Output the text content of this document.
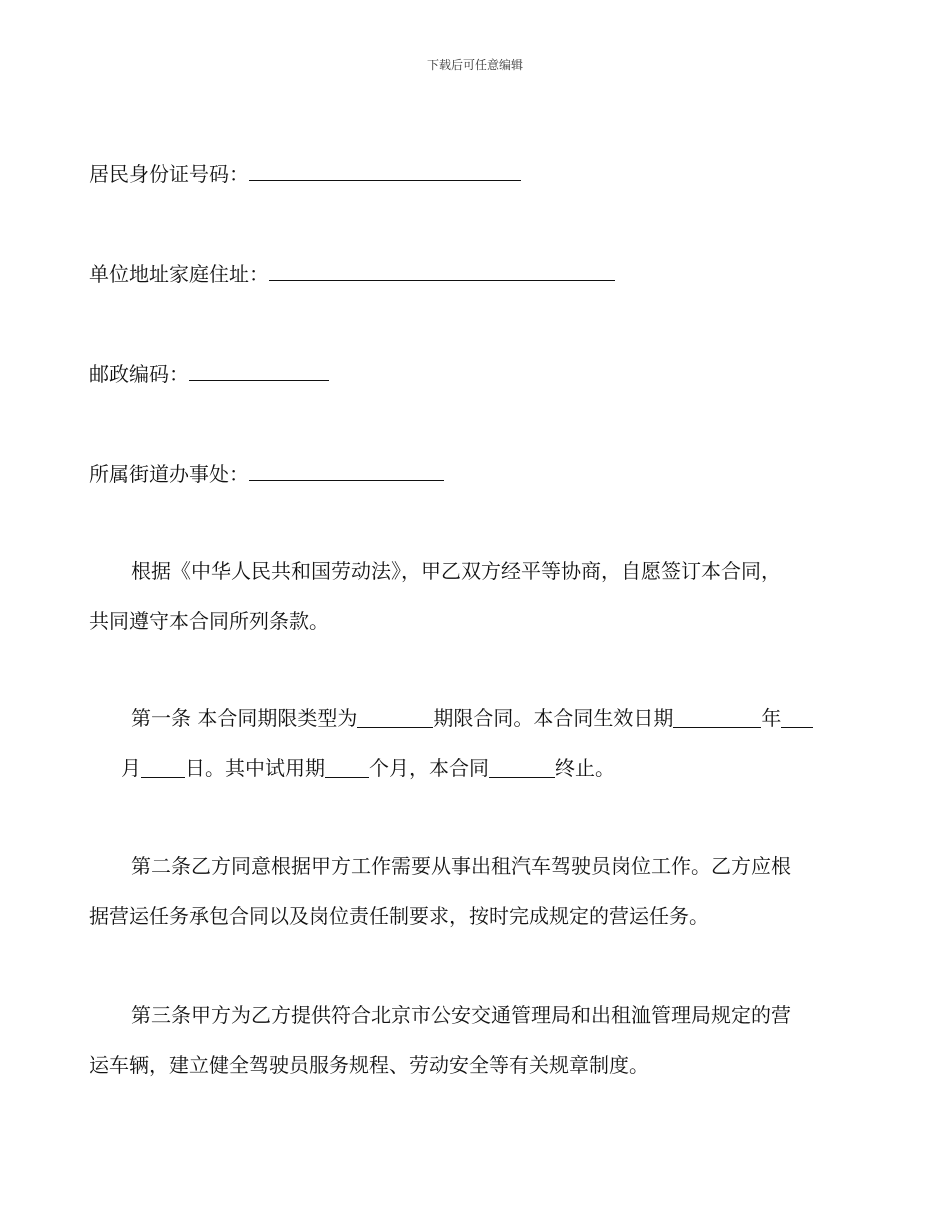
下载后可任意编辑
居民身份证号码：
单位地址家庭住址：
邮政编码：
所属街道办事处：
根据《中华人民共和国劳动法》，甲乙双方经平等协商，自愿签订本合同，
共同遵守本合同所列条款。
第一条 本合同期限类型为	期限合同。本合同生效日期	年
月 日。其中试用期 个月，本合同	终止。
第二条乙方同意根据甲方工作需要从事出租汽车驾驶员岗位工作。乙方应根
据营运任务承包合同以及岗位责任制要求，按时完成规定的营运任务。
第三条甲方为乙方提供符合北京市公安交通管理局和出租洫管理局规定的营
运车辆，建立健全驾驶员服务规程、劳动安全等有关规章制度。
